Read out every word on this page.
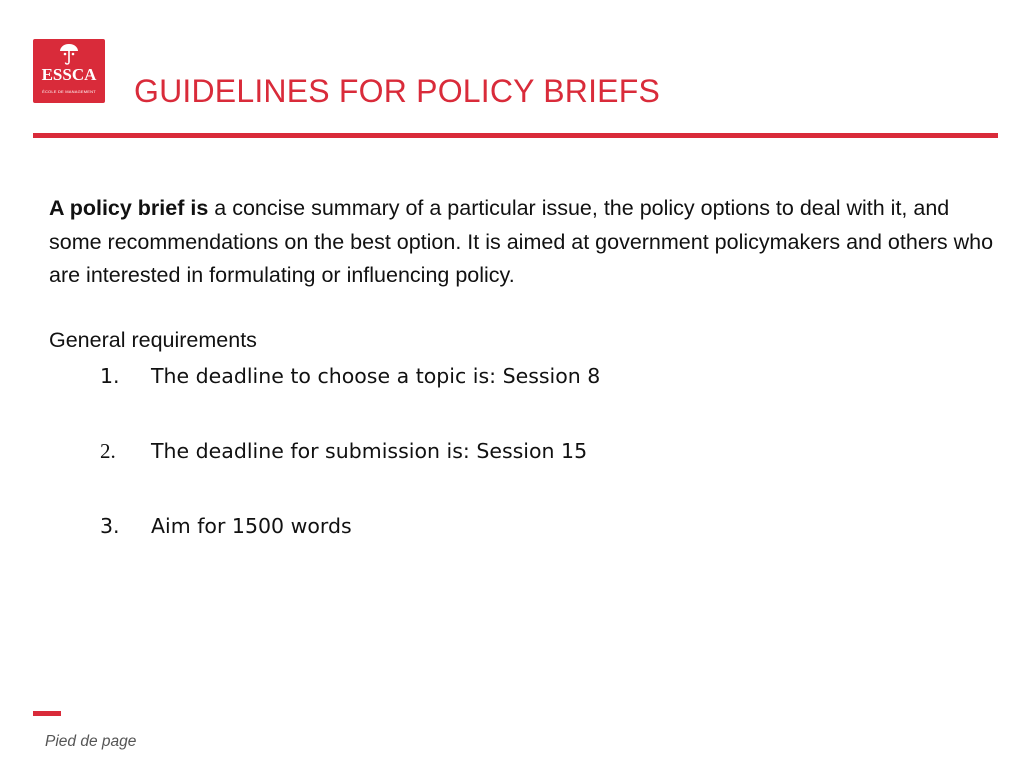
ESSCA
ÉCOLE DE MANAGEMENT GUIDELINES FOR POLICY BRIEFS
A policy brief is a concise summary of a particular issue, the policy options to deal with it, and some recommendations on the best option. It is aimed at government policymakers and others who are interested in formulating or influencing policy.
General requirements
1. The deadline to choose a topic is: Session 8
2. The deadline for submission is: Session 15
3. Aim for 1500 words
Pied de page
